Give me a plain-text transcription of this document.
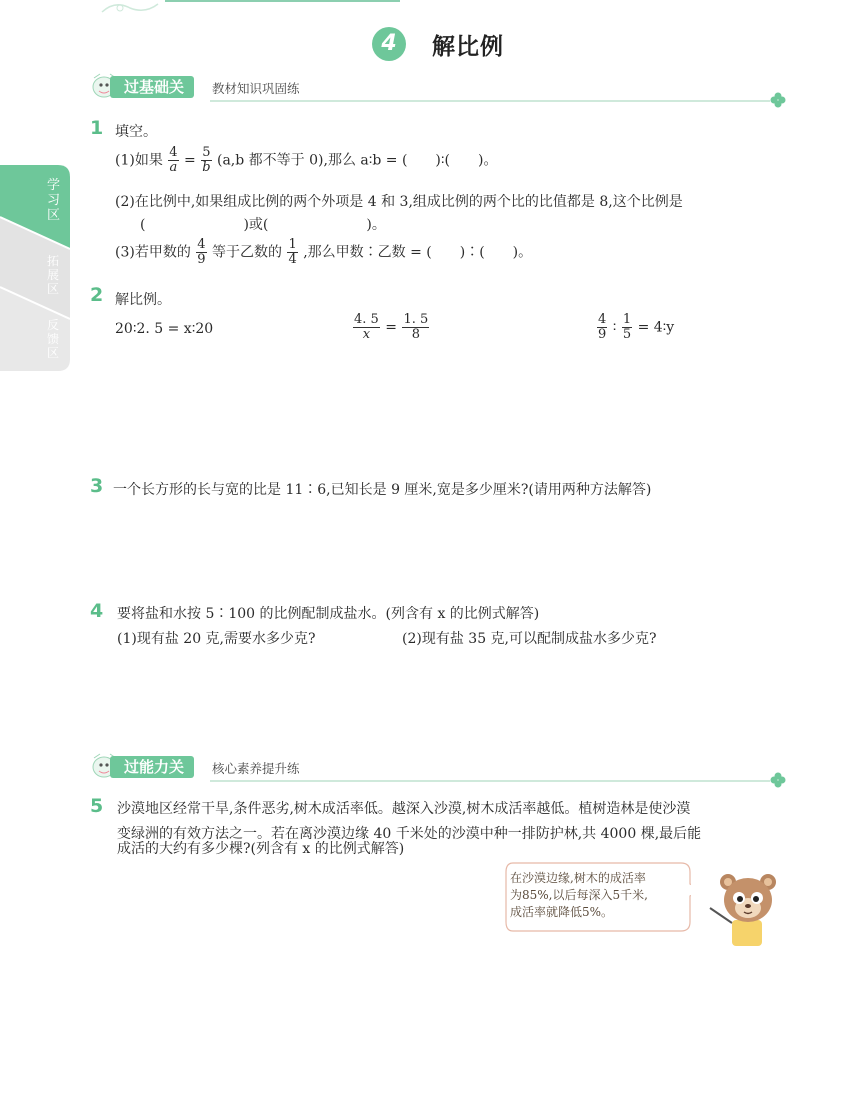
4	解比例
学习区
拓展区
反馈区
过基础关	教材知识巩固练
1 填空。
(1)如果 $\frac{4}{a} = \frac{5}{b} (a,b$ 都不等于 0),那么 a∶b = (　　)∶(　　)。
(2)在比例中,如果组成比例的两个外项是 4 和 3,组成比例的两个比的比值都是 8,这个比例是
(　　　　　　　)或(　　　　　　　)。
(3)若甲数的 $\frac{4}{9}$ 等于乙数的 $\frac{1}{4}$ ,那么甲数∶乙数 = (　　)∶(　　)。
2 解比例。
20∶2. 5 = x∶20	$\frac{4. 5}{x} = \frac{1. 5}{8}$	$\frac{4}{9}$ ∶ $\frac{1}{5}$ = 4∶y
3 一个长方形的长与宽的比是 11∶6,已知长是 9 厘米,宽是多少厘米?(请用两种方法解答)
4 要将盐和水按 5∶100 的比例配制成盐水。(列含有 x 的比例式解答)
(1)现有盐 20 克,需要水多少克?	(2)现有盐 35 克,可以配制成盐水多少克?
过能力关	核心素养提升练
5 沙漠地区经常干旱,条件恶劣,树木成活率低。越深入沙漠,树木成活率越低。植树造林是使沙漠
变绿洲的有效方法之一。若在离沙漠边缘 40 千米处的沙漠中种一排防护林,共 4000 棵,最后能
成活的大约有多少棵?(列含有 x 的比例式解答)
在沙漠边缘,树木的成活率
为85%,以后每深入5千米,
成活率就降低5%。
